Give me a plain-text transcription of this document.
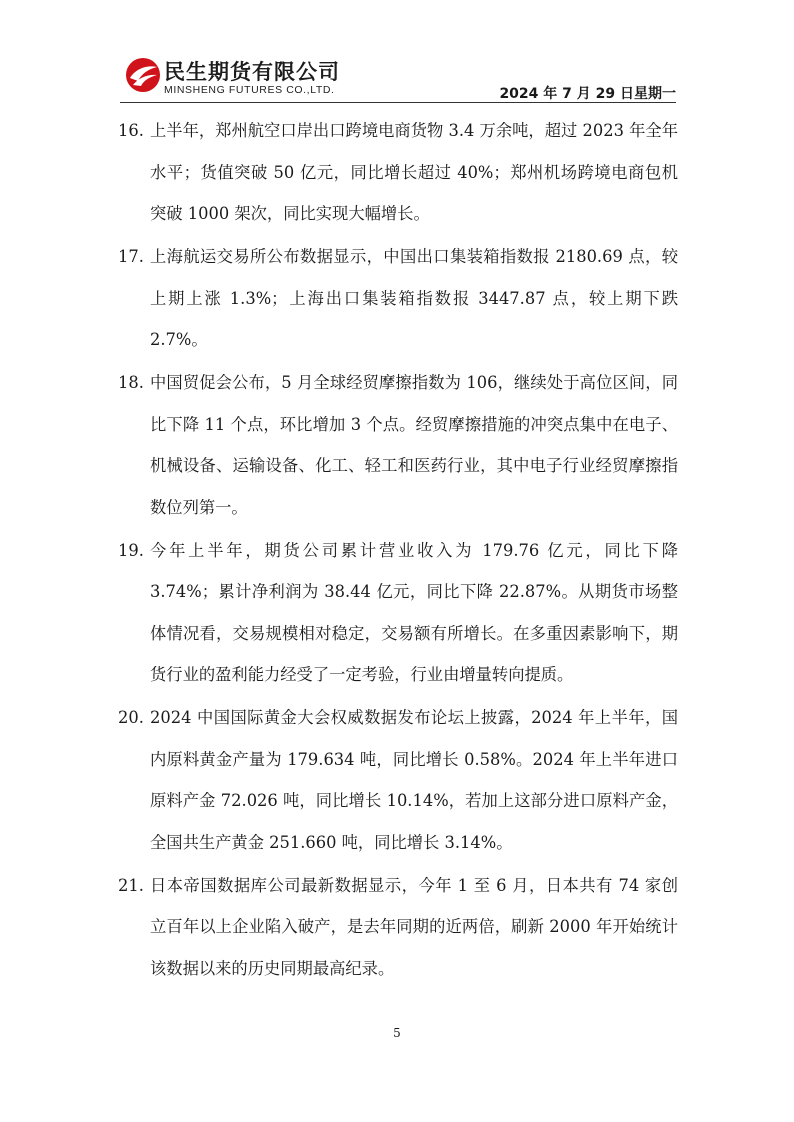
民生期货有限公司
MINSHENG FUTURES CO.,LTD.	2024 年 7 月 29 日星期一
16. 上半年，郑州航空口岸出口跨境电商货物 3.4 万余吨，超过 2023 年全年水平；货值突破 50 亿元，同比增长超过 40%；郑州机场跨境电商包机突破 1000 架次，同比实现大幅增长。
17. 上海航运交易所公布数据显示，中国出口集装箱指数报 2180.69 点，较上期上涨 1.3%；上海出口集装箱指数报 3447.87 点，较上期下跌 2.7%。
18. 中国贸促会公布，5 月全球经贸摩擦指数为 106，继续处于高位区间，同比下降 11 个点，环比增加 3 个点。经贸摩擦措施的冲突点集中在电子、机械设备、运输设备、化工、轻工和医药行业，其中电子行业经贸摩擦指数位列第一。
19. 今年上半年，期货公司累计营业收入为 179.76 亿元，同比下降 3.74%；累计净利润为 38.44 亿元，同比下降 22.87%。从期货市场整体情况看，交易规模相对稳定，交易额有所增长。在多重因素影响下，期货行业的盈利能力经受了一定考验，行业由增量转向提质。
20. 2024 中国国际黄金大会权威数据发布论坛上披露，2024 年上半年，国内原料黄金产量为 179.634 吨，同比增长 0.58%。2024 年上半年进口原料产金 72.026 吨，同比增长 10.14%，若加上这部分进口原料产金，全国共生产黄金 251.660 吨，同比增长 3.14%。
21. 日本帝国数据库公司最新数据显示，今年 1 至 6 月，日本共有 74 家创立百年以上企业陷入破产，是去年同期的近两倍，刷新 2000 年开始统计该数据以来的历史同期最高纪录。
5
